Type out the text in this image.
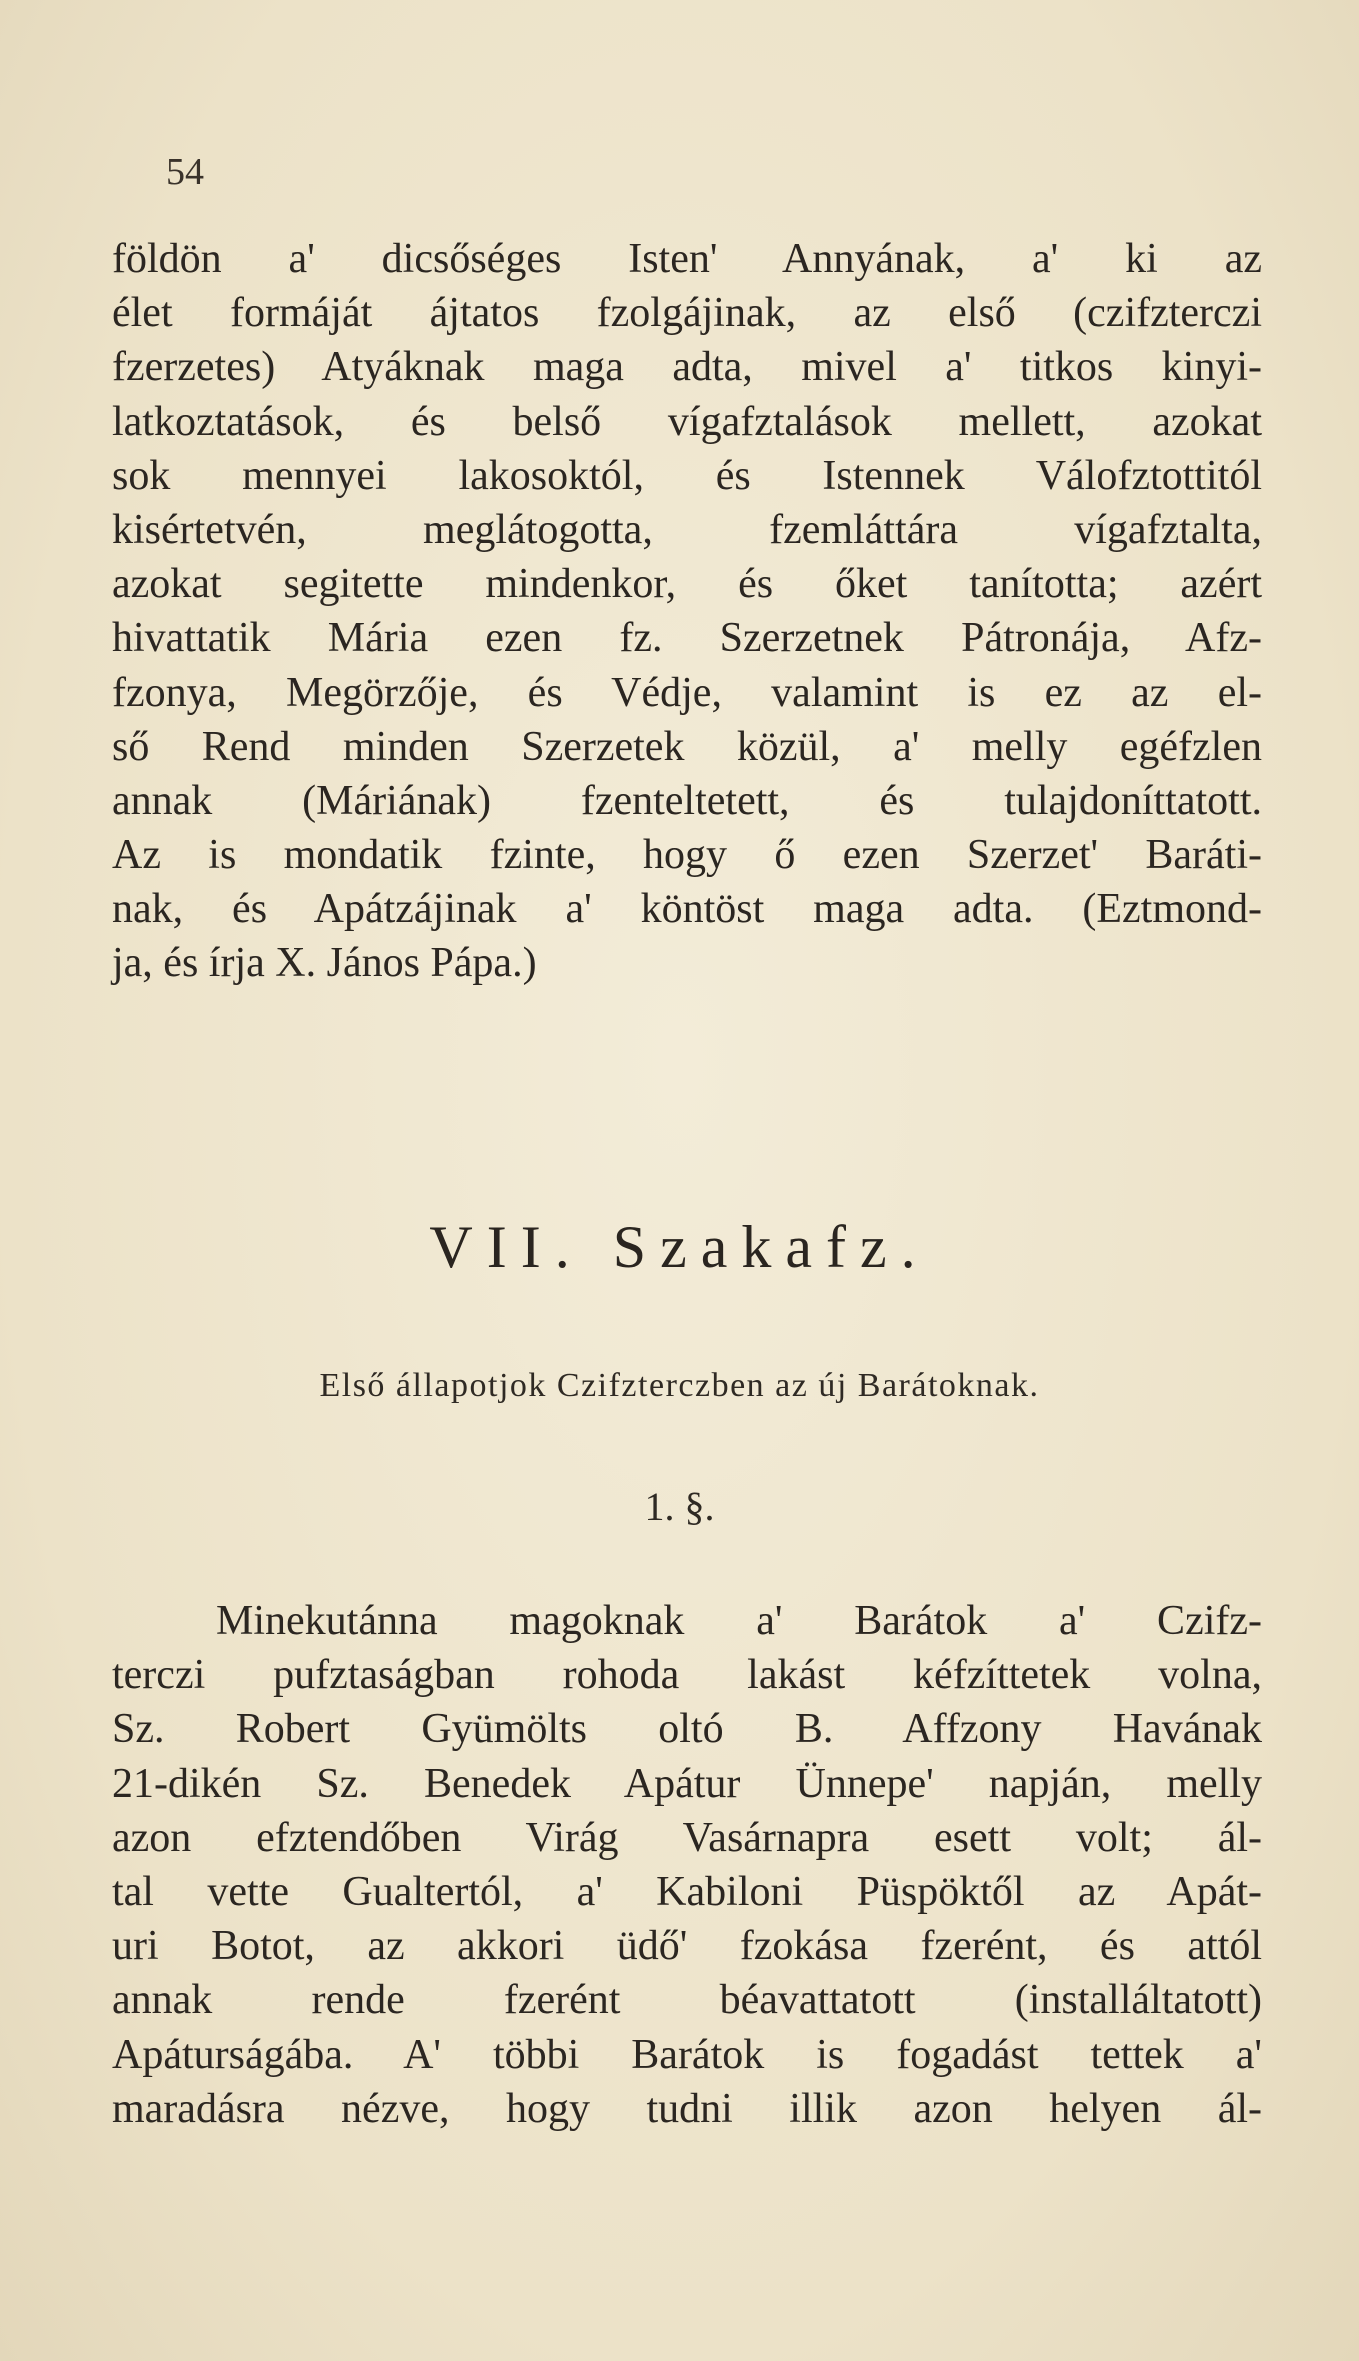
54
földön a' dicsőséges Isten' Annyának, a' ki az
élet formáját ájtatos fzolgájinak, az első (czifzterczi
fzerzetes) Atyáknak maga adta, mivel a' titkos kinyi-
latkoztatások, és belső vígafztalások mellett, azokat
sok mennyei lakosoktól, és Istennek Válofztottitól
kisértetvén, meglátogotta, fzemláttára vígafztalta,
azokat segitette mindenkor, és őket tanította; azért
hivattatik Mária ezen fz. Szerzetnek Pátronája, Afz-
fzonya, Megörzője, és Védje, valamint is ez az el-
ső Rend minden Szerzetek közül, a' melly egéfzlen
annak (Máriának) fzenteltetett, és tulajdoníttatott.
Az is mondatik fzinte, hogy ő ezen Szerzet' Baráti-
nak, és Apátzájinak a' köntöst maga adta. (Eztmond-
ja, és írja X. János Pápa.)
VII. Szakafz.
Első állapotjok Czifzterczben az új Barátoknak.
1. §.
Minekutánna magoknak a' Barátok a' Czifz-
terczi pufztaságban rohoda lakást kéfzíttetek volna,
Sz. Robert Gyümölts oltó B. Affzony Havának
21-dikén Sz. Benedek Apátur Ünnepe' napján, melly
azon efztendőben Virág Vasárnapra esett volt; ál-
tal vette Gualtertól, a' Kabiloni Püspöktől az Apát-
uri Botot, az akkori üdő' fzokása fzerént, és attól
annak rende fzerént béavattatott (installáltatott)
Apáturságába. A' többi Barátok is fogadást tettek a'
maradásra nézve, hogy tudni illik azon helyen ál-
